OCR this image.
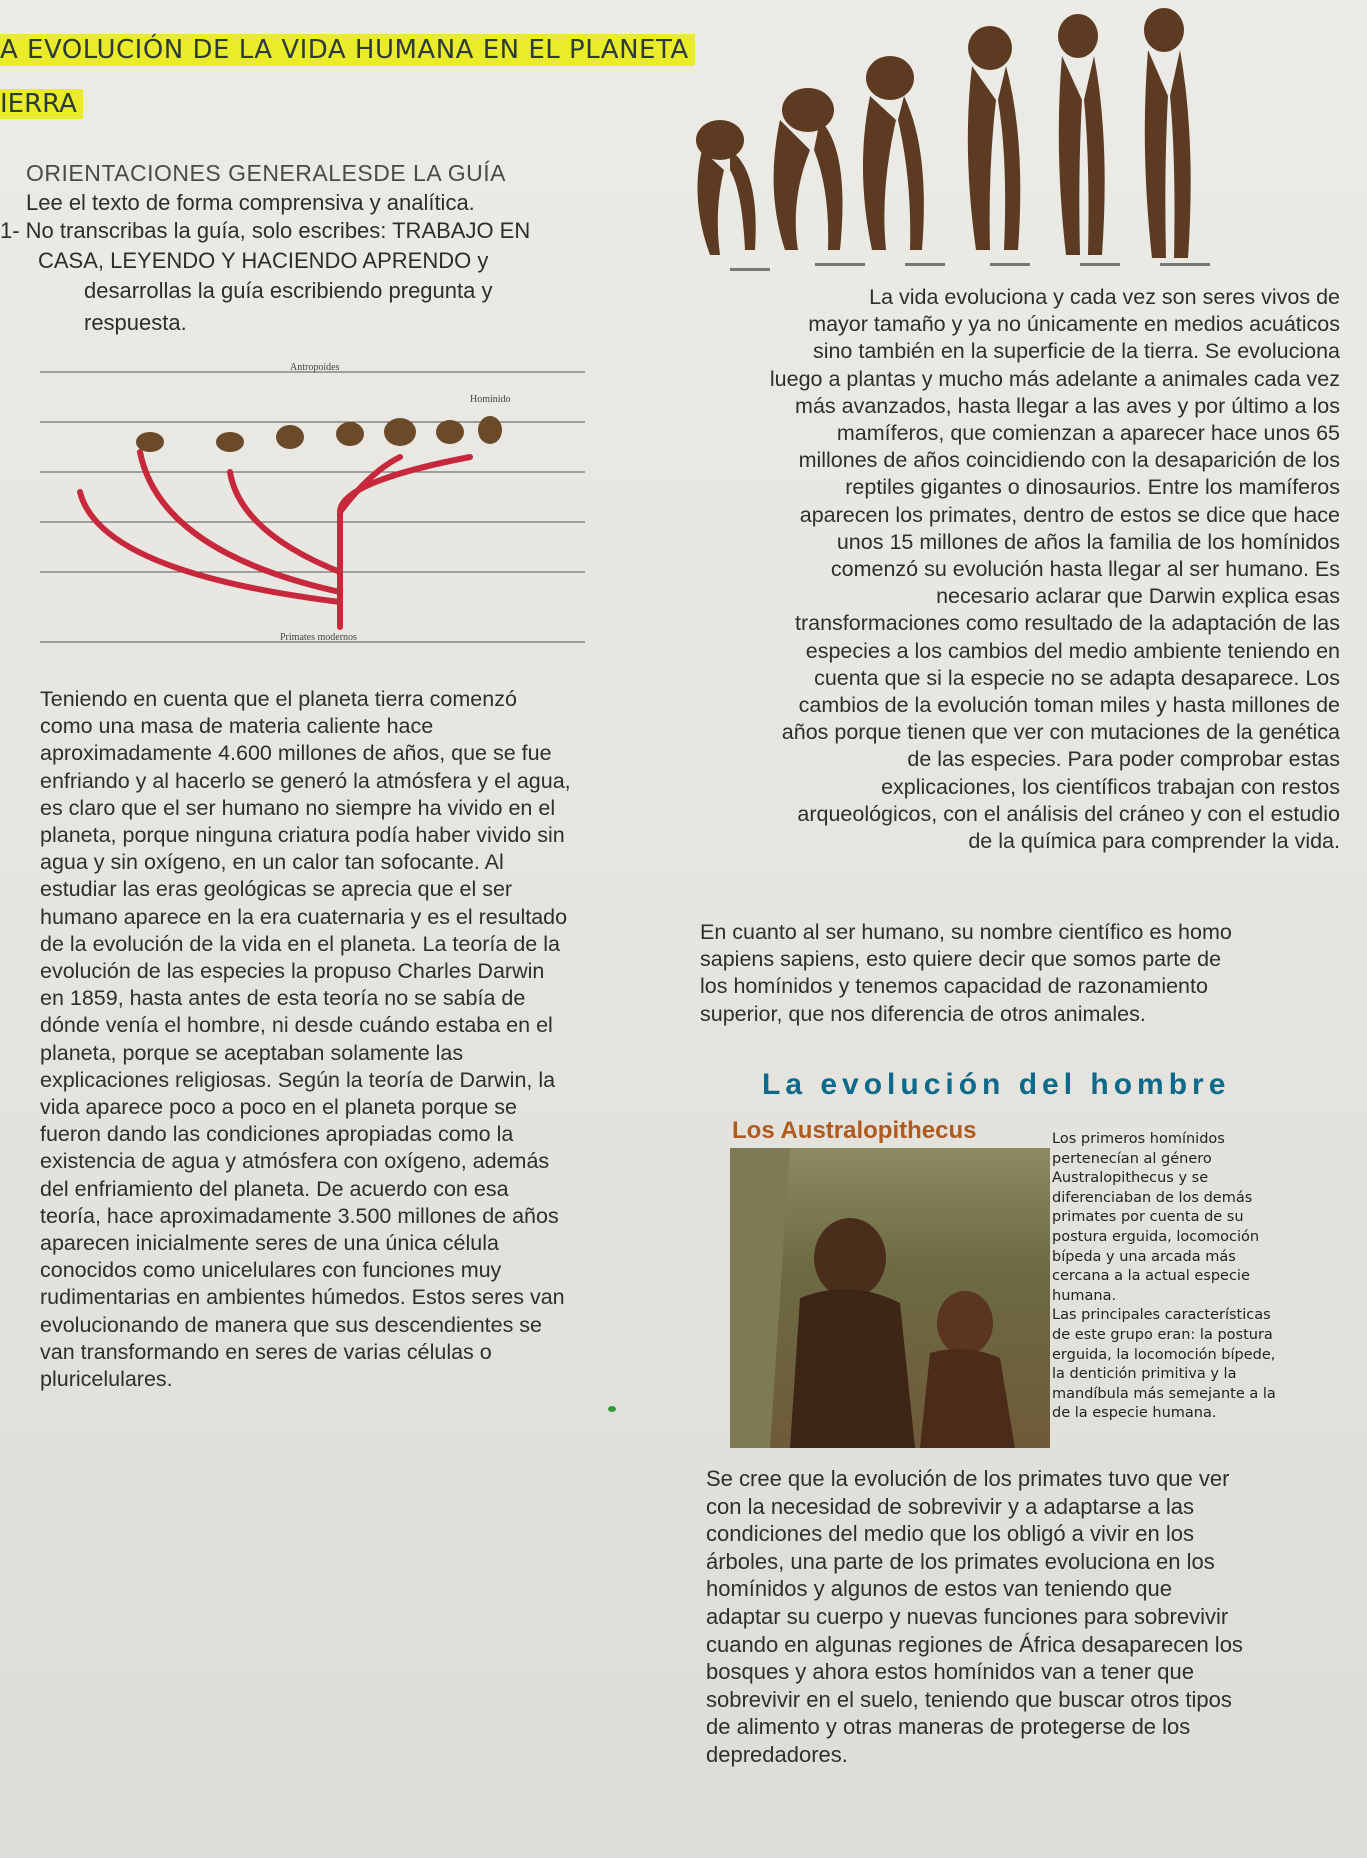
A EVOLUCIÓN DE LA VIDA HUMANA EN EL PLANETA
IERRA
ORIENTACIONES GENERALESDE LA GUÍA
Lee el texto de forma comprensiva y analítica.
1- No transcribas la guía, solo escribes: TRABAJO EN
CASA, LEYENDO Y HACIENDO APRENDO y
desarrollas la guía escribiendo pregunta y
respuesta.
La vida evoluciona y cada vez son seres vivos de
mayor tamaño y ya no únicamente en medios acuáticos
sino también en la superficie de la tierra. Se evoluciona
luego a plantas y mucho más adelante a animales cada vez
más avanzados, hasta llegar a las aves y por último a los
mamíferos, que comienzan a aparecer hace unos 65
millones de años coincidiendo con la desaparición de los
reptiles gigantes o dinosaurios. Entre los mamíferos
aparecen los primates, dentro de estos se dice que hace
unos 15 millones de años la familia de los homínidos
comenzó su evolución hasta llegar al ser humano. Es
necesario aclarar que Darwin explica esas
transformaciones como resultado de la adaptación de las
especies a los cambios del medio ambiente teniendo en
cuenta que si la especie no se adapta desaparece. Los
cambios de la evolución toman miles y hasta millones de
años porque tienen que ver con mutaciones de la genética
de las especies. Para poder comprobar estas
explicaciones, los científicos trabajan con restos
arqueológicos, con el análisis del cráneo y con el estudio
de la química para comprender la vida.
Antropoides
Homínido
Primates modernos
Teniendo en cuenta que el planeta tierra comenzó
como una masa de materia caliente hace
aproximadamente 4.600 millones de años, que se fue
enfriando y al hacerlo se generó la atmósfera y el agua,
es claro que el ser humano no siempre ha vivido en el
planeta, porque ninguna criatura podía haber vivido sin
agua y sin oxígeno, en un calor tan sofocante. Al
estudiar las eras geológicas se aprecia que el ser
humano aparece en la era cuaternaria y es el resultado
de la evolución de la vida en el planeta. La teoría de la
evolución de las especies la propuso Charles Darwin
en 1859, hasta antes de esta teoría no se sabía de
dónde venía el hombre, ni desde cuándo estaba en el
planeta, porque se aceptaban solamente las
explicaciones religiosas. Según la teoría de Darwin, la
vida aparece poco a poco en el planeta porque se
fueron dando las condiciones apropiadas como la
existencia de agua y atmósfera con oxígeno, además
del enfriamiento del planeta. De acuerdo con esa
teoría, hace aproximadamente 3.500 millones de años
aparecen inicialmente seres de una única célula
conocidos como unicelulares con funciones muy
rudimentarias en ambientes húmedos. Estos seres van
evolucionando de manera que sus descendientes se
van transformando en seres de varias células o
pluricelulares.
En cuanto al ser humano, su nombre científico es homo
sapiens sapiens, esto quiere decir que somos parte de
los homínidos y tenemos capacidad de razonamiento
superior, que nos diferencia de otros animales.
La evolución del hombre
Los Australopithecus	Los primeros homínidos
pertenecían al género
Australopithecus y se
diferenciaban de los demás
primates por cuenta de su
postura erguida, locomoción
bípeda y una arcada más
cercana a la actual especie
humana.
Las principales características
de este grupo eran: la postura
erguida, la locomoción bípede,
la dentición primitiva y la
mandíbula más semejante a la
de la especie humana.
Se cree que la evolución de los primates tuvo que ver
con la necesidad de sobrevivir y a adaptarse a las
condiciones del medio que los obligó a vivir en los
árboles, una parte de los primates evoluciona en los
homínidos y algunos de estos van teniendo que
adaptar su cuerpo y nuevas funciones para sobrevivir
cuando en algunas regiones de África desaparecen los
bosques y ahora estos homínidos van a tener que
sobrevivir en el suelo, teniendo que buscar otros tipos
de alimento y otras maneras de protegerse de los
depredadores.
